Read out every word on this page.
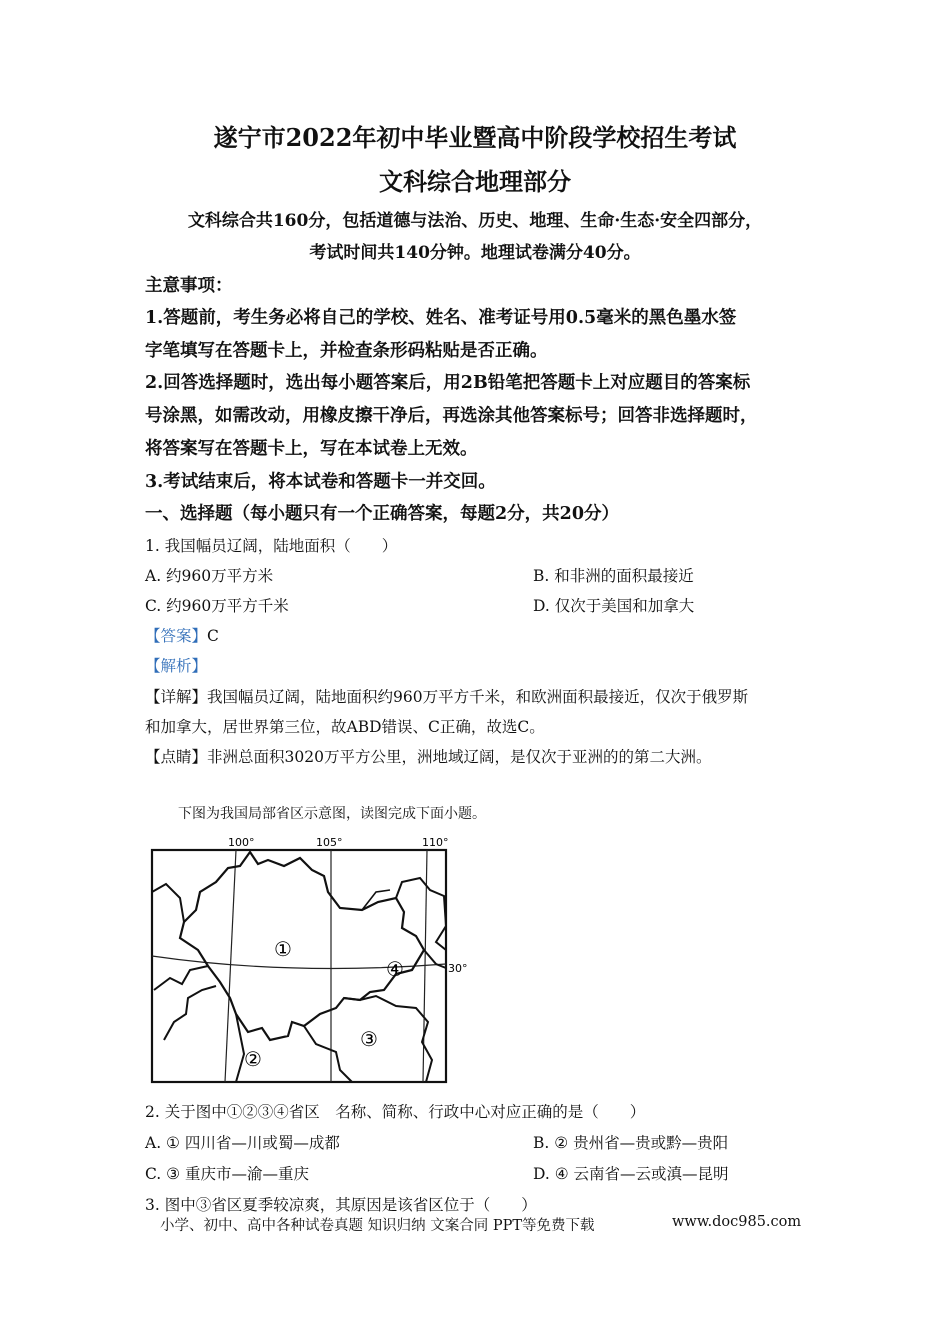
遂宁市2022年初中毕业暨高中阶段学校招生考试
文科综合地理部分
文科综合共160分，包括道德与法治、历史、地理、生命·生态·安全四部分，
考试时间共140分钟。地理试卷满分40分。
主意事项：
1.答题前，考生务必将自己的学校、姓名、准考证号用0.5毫米的黑色墨水签
字笔填写在答题卡上，并检查条形码粘贴是否正确。
2.回答选择题时，选出每小题答案后，用2B铅笔把答题卡上对应题目的答案标
号涂黑，如需改动，用橡皮擦干净后，再选涂其他答案标号；回答非选择题时，
将答案写在答题卡上，写在本试卷上无效。
3.考试结束后，将本试卷和答题卡一并交回。
一、选择题（每小题只有一个正确答案，每题2分，共20分）
1. 我国幅员辽阔，陆地面积（　　）
A. 约960万平方米	B. 和非洲的面积最接近
C. 约960万平方千米	D. 仅次于美国和加拿大
【答案】C
【解析】
【详解】我国幅员辽阔，陆地面积约960万平方千米，和欧洲面积最接近，仅次于俄罗斯
和加拿大，居世界第三位，故ABD错误、C正确，故选C。
【点睛】非洲总面积3020万平方公里，洲地域辽阔，是仅次于亚洲的的第二大洲。
下图为我国局部省区示意图，读图完成下面小题。
100°	105°	110°
30°
①
②
③
④
2. 关于图中①②③④省区　名称、简称、行政中心对应正确的是（　　）
A. ① 四川省—川或蜀—成都	B. ② 贵州省—贵或黔—贵阳
C. ③ 重庆市—渝—重庆	D. ④ 云南省—云或滇—昆明
3. 图中③省区夏季较凉爽，其原因是该省区位于（　　）
小学、初中、高中各种试卷真题 知识归纳 文案合同 PPT等免费下载	www.doc985.com
